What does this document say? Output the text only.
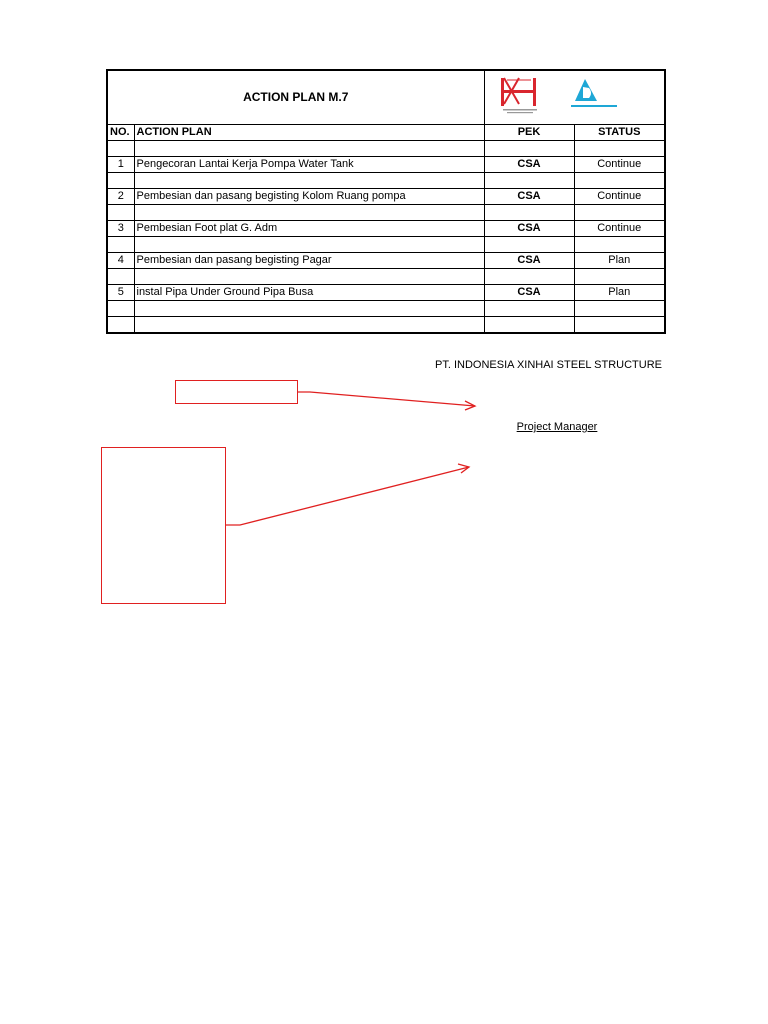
ACTION PLAN M.7	
NO.	ACTION PLAN	PEK	STATUS

1	Pengecoran Lantai Kerja Pompa Water Tank	CSA	Continue

2	Pembesian dan pasang begisting Kolom Ruang pompa	CSA	Continue

3	Pembesian Foot plat G. Adm	CSA	Continue

4	Pembesian dan pasang begisting Pagar	CSA	Plan

5	instal Pipa Under Ground Pipa Busa	CSA	Plan

PT. INDONESIA XINHAI STEEL STRUCTURE
Project Manager
